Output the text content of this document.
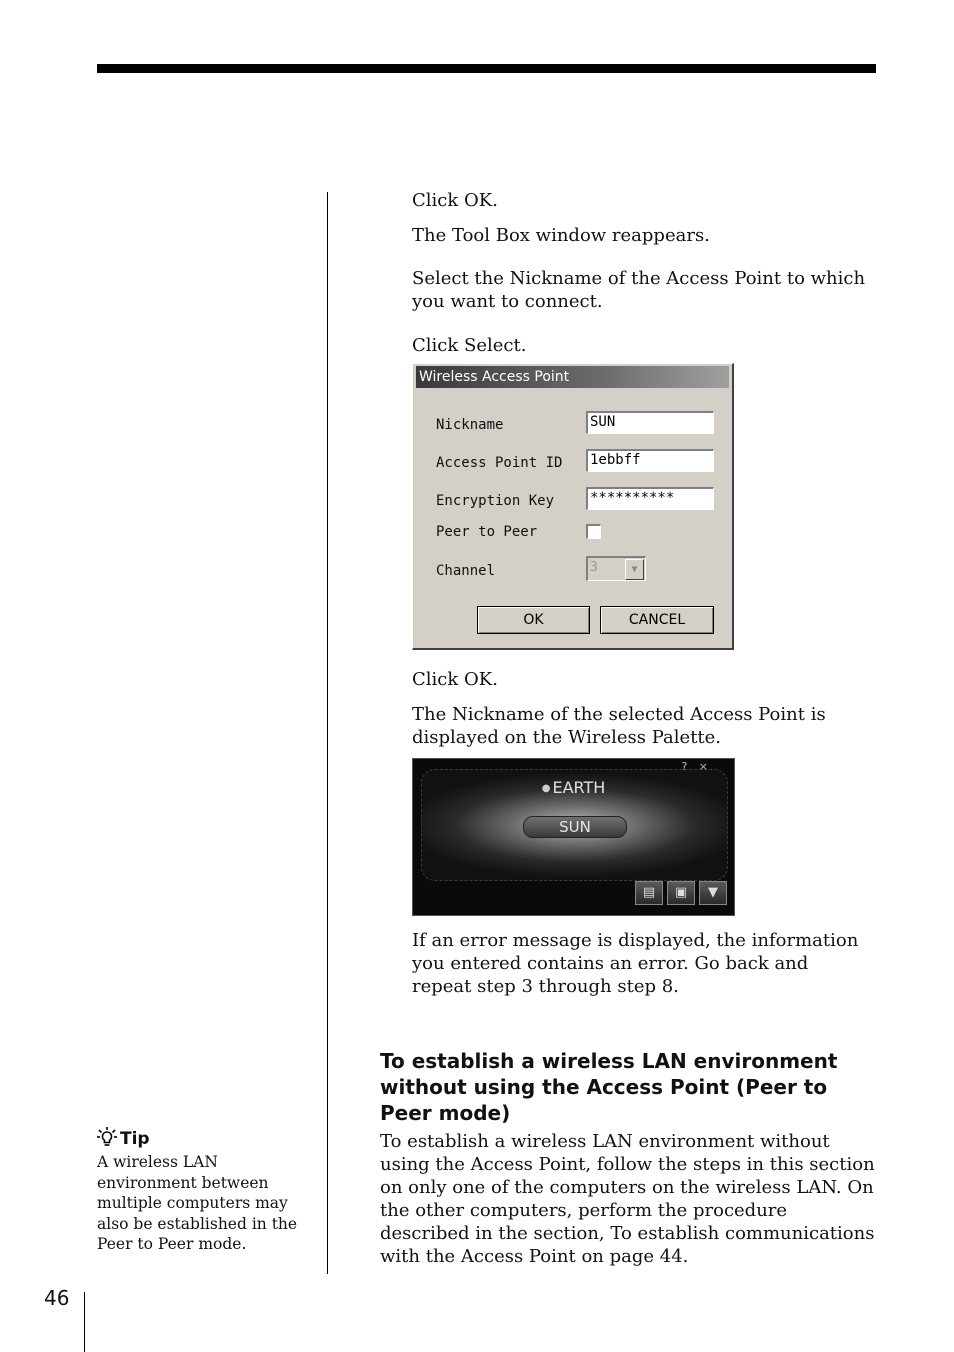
46
Click OK.
The Tool Box window reappears.
Select the Nickname of the Access Point to which you want to connect.
Click Select.
Wireless Access Point
Nickname	SUN
Access Point ID 1ebbff
Encryption Key	**********
Peer to Peer
Channel	3	▼
OK	CANCEL
Click OK.
The Nickname of the selected Access Point is displayed on the Wireless Palette.
? ×
● EARTH
SUN
▤	▣	▼
If an error message is displayed, the information you entered contains an error. Go back and repeat step 3 through step 8.
To establish a wireless LAN environment without using the Access Point (Peer to Peer mode)
To establish a wireless LAN environment without using the Access Point, follow the steps in this section on only one of the computers on the wireless LAN. On the other computers, perform the procedure described in the section, To establish communications with the Access Point on page 44.
Tip
A wireless LAN environment between multiple computers may also be established in the Peer to Peer mode.
